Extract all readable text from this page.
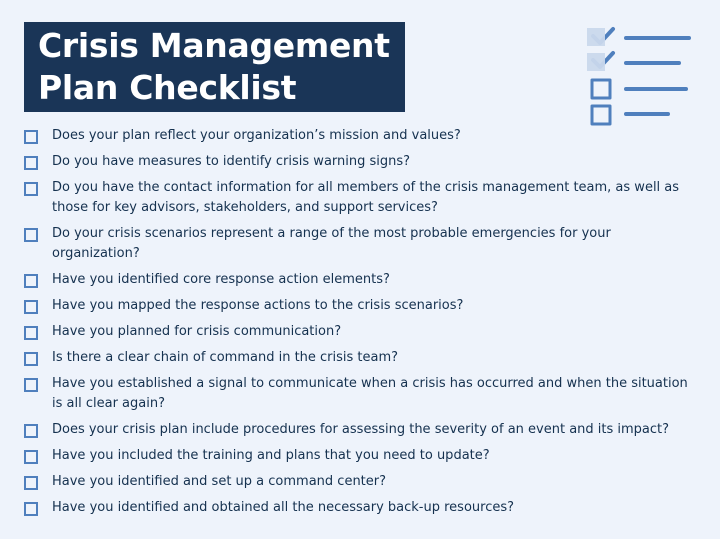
Crisis Management
Plan Checklist
Does your plan reflect your organization’s mission and values?
Do you have measures to identify crisis warning signs?
Do you have the contact information for all members of the crisis management team, as well as those for key advisors, stakeholders, and support services?
Do your crisis scenarios represent a range of the most probable emergencies for your organization?
Have you identified core response action elements?
Have you mapped the response actions to the crisis scenarios?
Have you planned for crisis communication?
Is there a clear chain of command in the crisis team?
Have you established a signal to communicate when a crisis has occurred and when the situation is all clear again?
Does your crisis plan include procedures for assessing the severity of an event and its impact?
Have you included the training and plans that you need to update?
Have you identified and set up a command center?
Have you identified and obtained all the necessary back-up resources?
